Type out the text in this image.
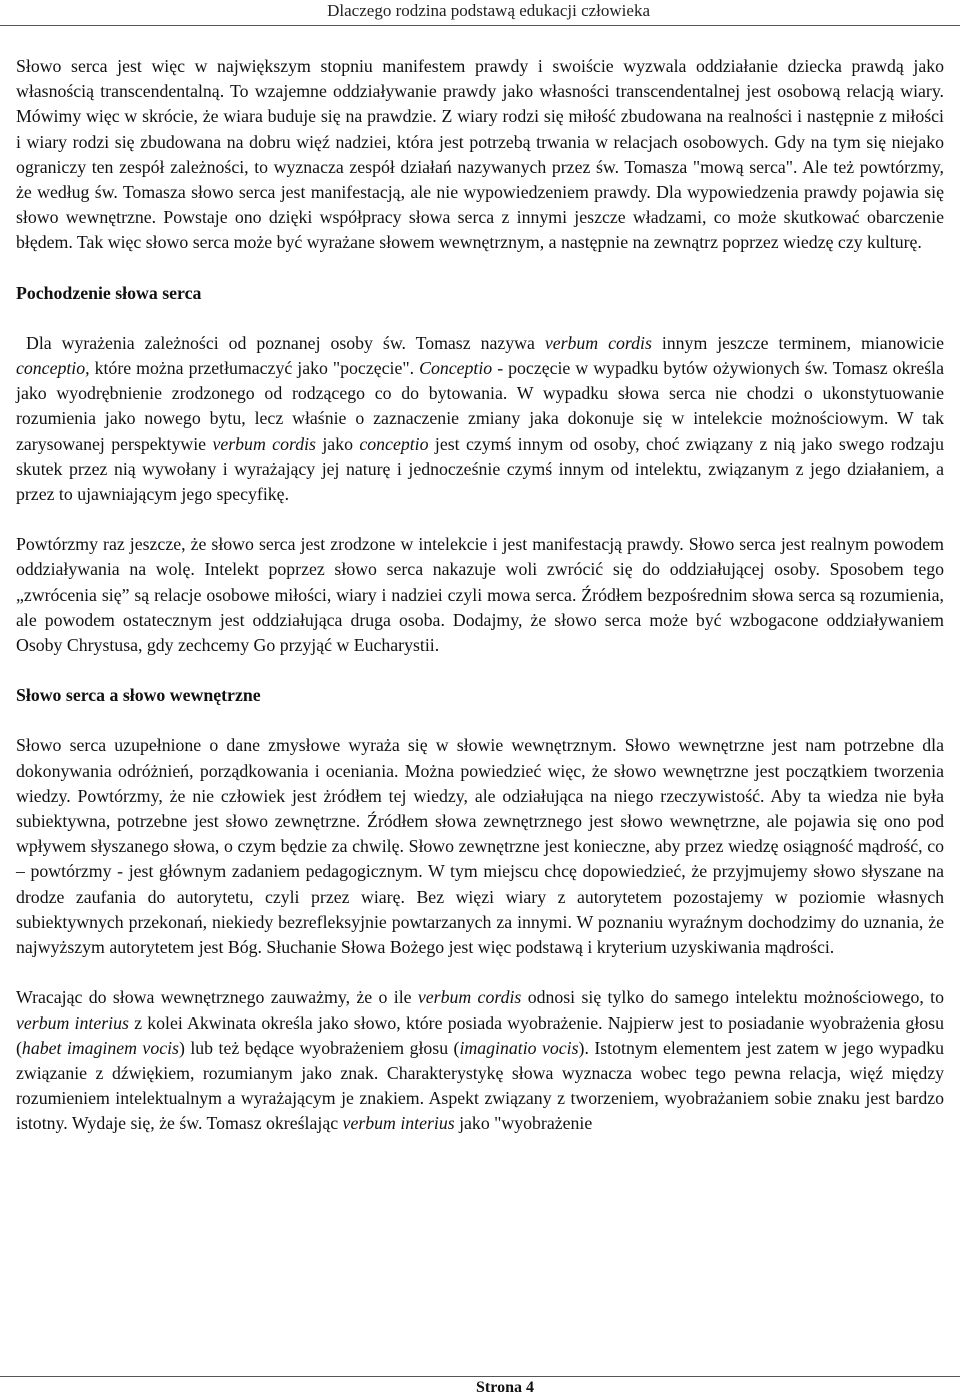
Dlaczego rodzina podstawą edukacji człowieka

Słowo serca jest więc w największym stopniu manifestem prawdy i swoiście wyzwala oddziałanie dziecka prawdą jako własnością transcendentalną. To wzajemne oddziaływanie prawdy jako własności transcendentalnej jest osobową relacją wiary. Mówimy więc w skrócie, że wiara buduje się na prawdzie. Z wiary rodzi się miłość zbudowana na realności i następnie z miłości i wiary rodzi się zbudowana na dobru więź nadziei, która jest potrzebą trwania w relacjach osobowych. Gdy na tym się niejako ograniczy ten zespół zależności, to wyznacza zespół działań nazywanych przez św. Tomasza "mową serca". Ale też powtórzmy, że według św. Tomasza słowo serca jest manifestacją, ale nie wypowiedzeniem prawdy. Dla wypowiedzenia prawdy pojawia się słowo wewnętrzne. Powstaje ono dzięki współpracy słowa serca z innymi jeszcze władzami, co może skutkować obarczenie błędem. Tak więc słowo serca może być wyrażane słowem wewnętrznym, a następnie na zewnątrz poprzez wiedzę czy kulturę.

Pochodzenie słowa serca

Dla wyrażenia zależności od poznanej osoby św. Tomasz nazywa verbum cordis innym jeszcze terminem, mianowicie conceptio, które można przetłumaczyć jako "poczęcie". Conceptio - poczęcie w wypadku bytów ożywionych św. Tomasz określa jako wyodrębnienie zrodzonego od rodzącego co do bytowania. W wypadku słowa serca nie chodzi o ukonstytuowanie rozumienia jako nowego bytu, lecz właśnie o zaznaczenie zmiany jaka dokonuje się w intelekcie możnościowym. W tak zarysowanej perspektywie verbum cordis jako conceptio jest czymś innym od osoby, choć związany z nią jako swego rodzaju skutek przez nią wywołany i wyrażający jej naturę i jednocześnie czymś innym od intelektu, związanym z jego działaniem, a przez to ujawniającym jego specyfikę.

Powtórzmy raz jeszcze, że słowo serca jest zrodzone w intelekcie i jest manifestacją prawdy. Słowo serca jest realnym powodem oddziaływania na wolę. Intelekt poprzez słowo serca nakazuje woli zwrócić się do oddziałującej osoby. Sposobem tego „zwrócenia się” są relacje osobowe miłości, wiary i nadziei czyli mowa serca. Źródłem bezpośrednim słowa serca są rozumienia, ale powodem ostatecznym jest oddziałująca druga osoba. Dodajmy, że słowo serca może być wzbogacone oddziaływaniem Osoby Chrystusa, gdy zechcemy Go przyjąć w Eucharystii.

Słowo serca a słowo wewnętrzne

Słowo serca uzupełnione o dane zmysłowe wyraża się w słowie wewnętrznym. Słowo wewnętrzne jest nam potrzebne dla dokonywania odróżnień, porządkowania i oceniania. Można powiedzieć więc, że słowo wewnętrzne jest początkiem tworzenia wiedzy. Powtórzmy, że nie człowiek jest żródłem tej wiedzy, ale odziałująca na niego rzeczywistość. Aby ta wiedza nie była subiektywna, potrzebne jest słowo zewnętrzne. Źródłem słowa zewnętrznego jest słowo wewnętrzne, ale pojawia się ono pod wpływem słyszanego słowa, o czym będzie za chwilę. Słowo zewnętrzne jest konieczne, aby przez wiedzę osiągność mądrość, co – powtórzmy - jest głównym zadaniem pedagogicznym. W tym miejscu chcę dopowiedzieć, że przyjmujemy słowo słyszane na drodze zaufania do autorytetu, czyli przez wiarę. Bez więzi wiary z autorytetem pozostajemy w poziomie własnych subiektywnych przekonań, niekiedy bezrefleksyjnie powtarzanych za innymi. W poznaniu wyraźnym dochodzimy do uznania, że najwyższym autorytetem jest Bóg. Słuchanie Słowa Bożego jest więc podstawą i kryterium uzyskiwania mądrości.

Wracając do słowa wewnętrznego zauważmy, że o ile verbum cordis odnosi się tylko do samego intelektu możnościowego, to verbum interius z kolei Akwinata określa jako słowo, które posiada wyobrażenie. Najpierw jest to posiadanie wyobrażenia głosu (habet imaginem vocis) lub też będące wyobrażeniem głosu (imaginatio vocis). Istotnym elementem jest zatem w jego wypadku związanie z dźwiękiem, rozumianym jako znak. Charakterystykę słowa wyznacza wobec tego pewna relacja, więź między rozumieniem intelektualnym a wyrażającym je znakiem. Aspekt związany z tworzeniem, wyobrażaniem sobie znaku jest bardzo istotny. Wydaje się, że św. Tomasz określając verbum interius jako "wyobrażenie

Strona 4
